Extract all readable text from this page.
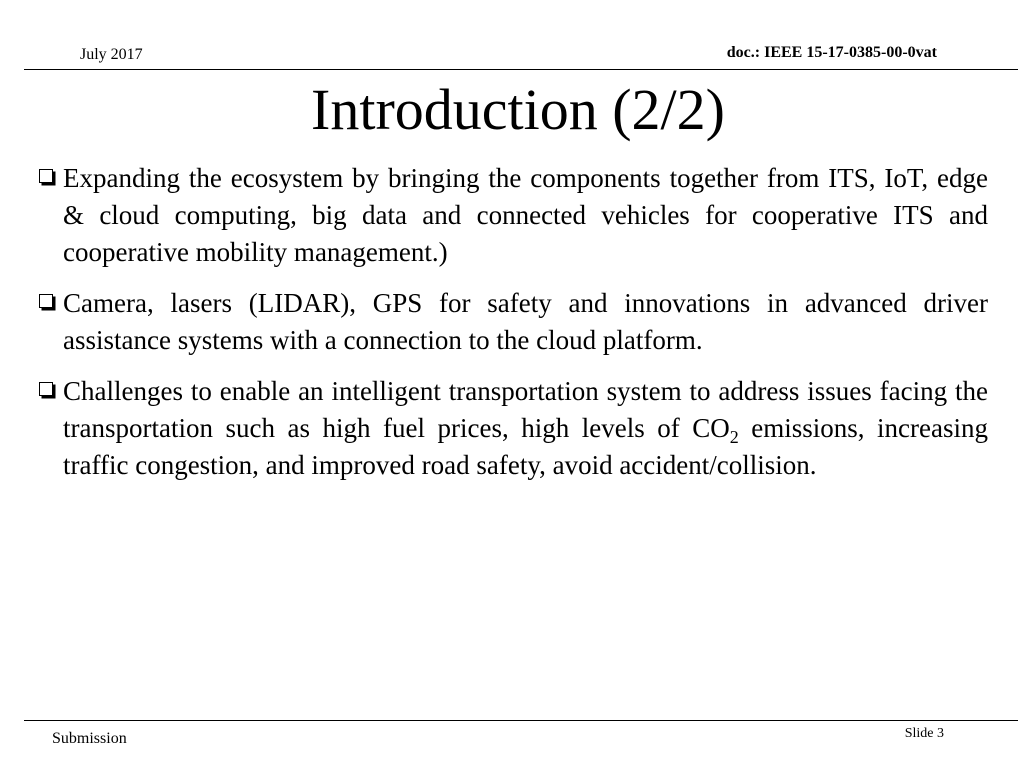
July 2017	doc.: IEEE 15-17-0385-00-0vat
Introduction (2/2)
Expanding the ecosystem by bringing the components together from ITS, IoT, edge & cloud computing, big data and connected vehicles for cooperative ITS and cooperative mobility management.)
Camera, lasers (LIDAR), GPS for safety and innovations in advanced driver assistance systems with a connection to the cloud platform.
Challenges to enable an intelligent transportation system to address issues facing the transportation such as high fuel prices, high levels of $CO_2$ emissions, increasing traffic congestion, and improved road safety, avoid accident/collision.
Submission	Slide 3
